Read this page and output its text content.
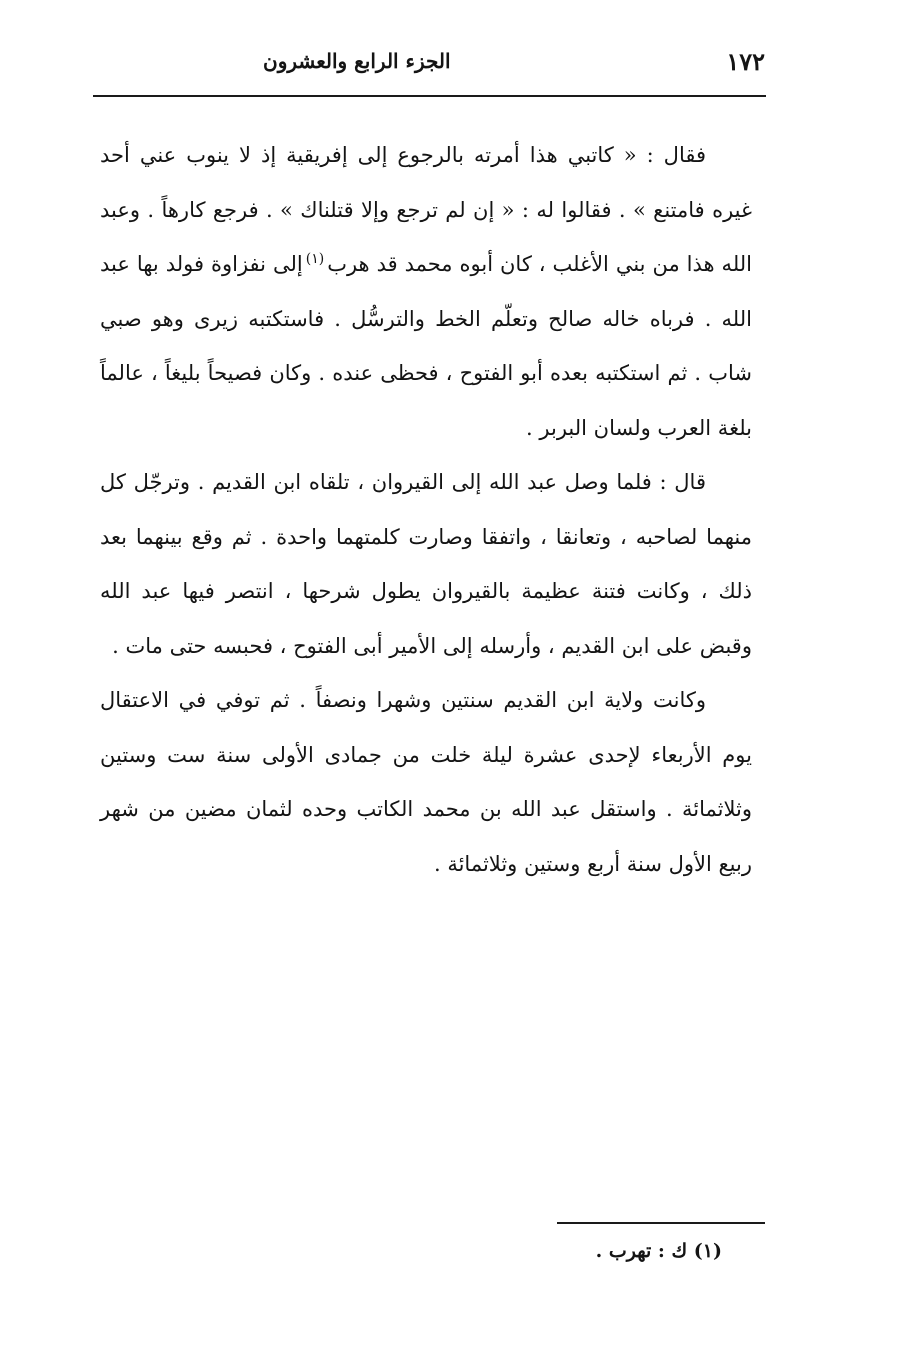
١٧٢
الجزء الرابع والعشرون

فقال : « كاتبي هذا أمرته بالرجوع إلى إفريقية إذ لا ينوب عني أحد غيره فامتنع » . فقالوا له : « إن لم ترجع وإلا قتلناك » . فرجع كارهاً . وعبد الله هذا من بني الأغلب ، كان أبوه محمد قد هرب$^{(١)}$إلى نفزاوة فولد بها عبد الله . فرباه خاله صالح وتعلّم الخط والترسُّل . فاستكتبه زيرى وهو صبي شاب . ثم استكتبه بعده أبو الفتوح ، فحظى عنده . وكان فصيحاً بليغاً ، عالماً بلغة العرب ولسان البربر .

قال : فلما وصل عبد الله إلى القيروان ، تلقاه ابن القديم . وترجّل كل منهما لصاحبه ، وتعانقا ، واتفقا وصارت كلمتهما واحدة . ثم وقع بينهما بعد ذلك ، وكانت فتنة عظيمة بالقيروان يطول شرحها ، انتصر فيها عبد الله وقبض على ابن القديم ، وأرسله إلى الأمير أبى الفتوح ، فحبسه حتى مات .

وكانت ولاية ابن القديم سنتين وشهرا ونصفاً . ثم توفي في الاعتقال يوم الأربعاء لإحدى عشرة ليلة خلت من جمادى الأولى سنة ست وستين وثلاثمائة . واستقل عبد الله بن محمد الكاتب وحده لثمان مضين من شهر ربيع الأول سنة أربع وستين وثلاثمائة .

(١) ك : تهرب .
